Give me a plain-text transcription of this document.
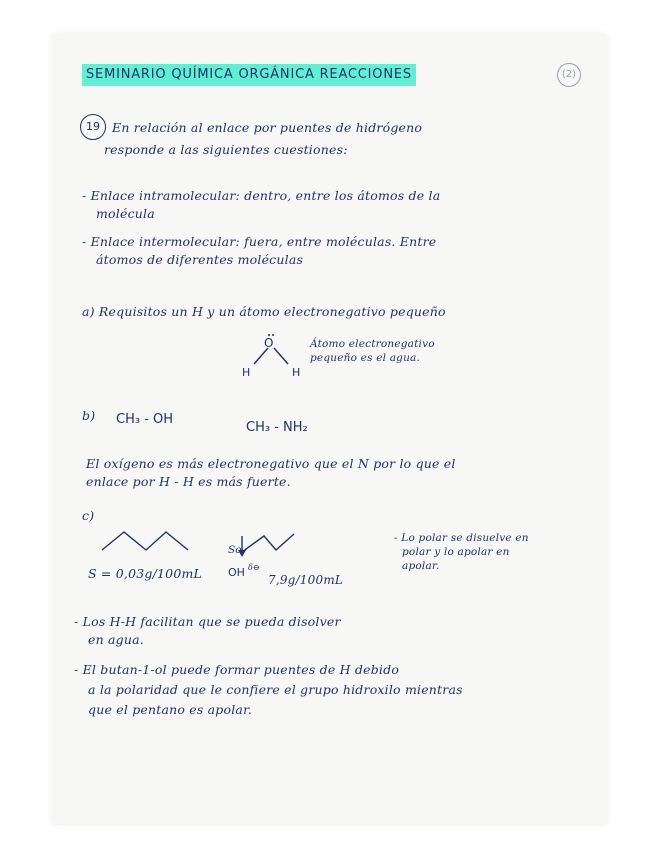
SEMINARIO QUÍMICA ORGÁNICA REACCIONES	(2)
19 En relación al enlace por puentes de hidrógeno
responde a las siguientes cuestiones:
- Enlace intramolecular: dentro, entre los átomos de la
molécula
- Enlace intermolecular: fuera, entre moléculas. Entre
átomos de diferentes moléculas
a) Requisitos un H y un átomo electronegativo pequeño
O
H	H
Átomo electronegativo
pequeño es el agua.
b) CH₃ - OH
CH₃ - NH₂
El oxígeno es más electronegativo que el N por lo que el
enlace por H - H es más fuerte.
c)
So
OH δ⊖
S = 0,03g/100mL	7,9g/100mL
- Lo polar se disuelve en
polar y lo apolar en
apolar.
- Los H-H facilitan que se pueda disolver
en agua.
- El butan-1-ol puede formar puentes de H debido
a la polaridad que le confiere el grupo hidroxilo mientras
que el pentano es apolar.
